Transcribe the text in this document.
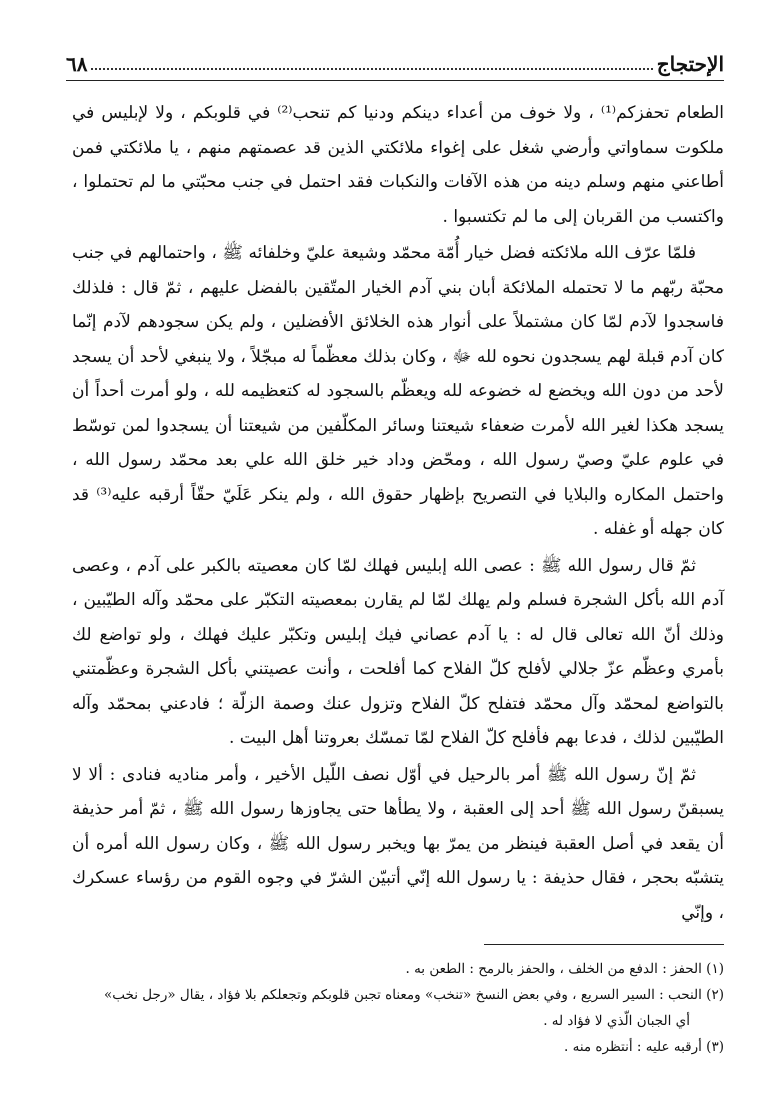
٦٨	الإحتجاج

الطعام تحفزكم⁽¹⁾ ، ولا خوف من أعداء دينكم ودنيا كم تنحب⁽²⁾ في قلوبكم ، ولا لإبليس في ملكوت سماواتي وأرضي شغل على إغواء ملائكتي الذين قد عصمتهم منهم ، يا ملائكتي فمن أطاعني منهم وسلم دينه من هذه الآفات والنكبات فقد احتمل في جنب محبّتي ما لم تحتملوا ، واكتسب من القربان إلى ما لم تكتسبوا .

فلمّا عرّف الله ملائكته فضل خيار أُمّة محمّد وشيعة عليّ وخلفائه ﷺ ، واحتمالهم في جنب محبّة ربّهم ما لا تحتمله الملائكة أبان بني آدم الخيار المتّقين بالفضل عليهم ، ثمّ قال : فلذلك فاسجدوا لآدم لمّا كان مشتملاً على أنوار هذه الخلائق الأفضلين ، ولم يكن سجودهم لآدم إنّما كان آدم قبلة لهم يسجدون نحوه لله ﷻ ، وكان بذلك معظّماً له مبجّلاً ، ولا ينبغي لأحد أن يسجد لأحد من دون الله ويخضع له خضوعه لله ويعظّم بالسجود له كتعظيمه لله ، ولو أمرت أحداً أن يسجد هكذا لغير الله لأمرت ضعفاء شيعتنا وسائر المكلّفين من شيعتنا أن يسجدوا لمن توسّط في علوم عليّ وصيّ رسول الله ، ومحّض وداد خير خلق الله علي بعد محمّد رسول الله ، واحتمل المكاره والبلايا في التصريح بإظهار حقوق الله ، ولم ينكر عَلَيّ حقّاً أرقبه عليه⁽³⁾ قد كان جهله أو غفله .

ثمّ قال رسول الله ﷺ : عصى الله إبليس فهلك لمّا كان معصيته بالكبر على آدم ، وعصى آدم الله بأكل الشجرة فسلم ولم يهلك لمّا لم يقارن بمعصيته التكبّر على محمّد وآله الطيّبين ، وذلك أنّ الله تعالى قال له : يا آدم عصاني فيك إبليس وتكبّر عليك فهلك ، ولو تواضع لك بأمري وعظّم عزّ جلالي لأفلح كلّ الفلاح كما أفلحت ، وأنت عصيتني بأكل الشجرة وعظّمتني بالتواضع لمحمّد وآل محمّد فتفلح كلّ الفلاح وتزول عنك وصمة الزلّة ؛ فادعني بمحمّد وآله الطيّبين لذلك ، فدعا بهم فأفلح كلّ الفلاح لمّا تمسّك بعروتنا أهل البيت .

ثمّ إنّ رسول الله ﷺ أمر بالرحيل في أوّل نصف اللّيل الأخير ، وأمر مناديه فنادى : ألا لا يسبقنّ رسول الله ﷺ أحد إلى العقبة ، ولا يطأها حتى يجاوزها رسول الله ﷺ ، ثمّ أمر حذيفة أن يقعد في أصل العقبة فينظر من يمرّ بها ويخبر رسول الله ﷺ ، وكان رسول الله أمره أن يتشبّه بحجر ، فقال حذيفة : يا رسول الله إنّي أتبيّن الشرّ في وجوه القوم من رؤساء عسكرك ، وإنّي

(١) الحفز : الدفع من الخلف ، والحفز بالرمح : الطعن به .

(٢) النحب : السير السريع ، وفي بعض النسخ «تنخب» ومعناه تجبن قلوبكم وتجعلكم بلا فؤاد ، يقال «رجل نخب»

أي الجبان الّذي لا فؤاد له .

(٣) أرقبه عليه : أنتظره منه .
